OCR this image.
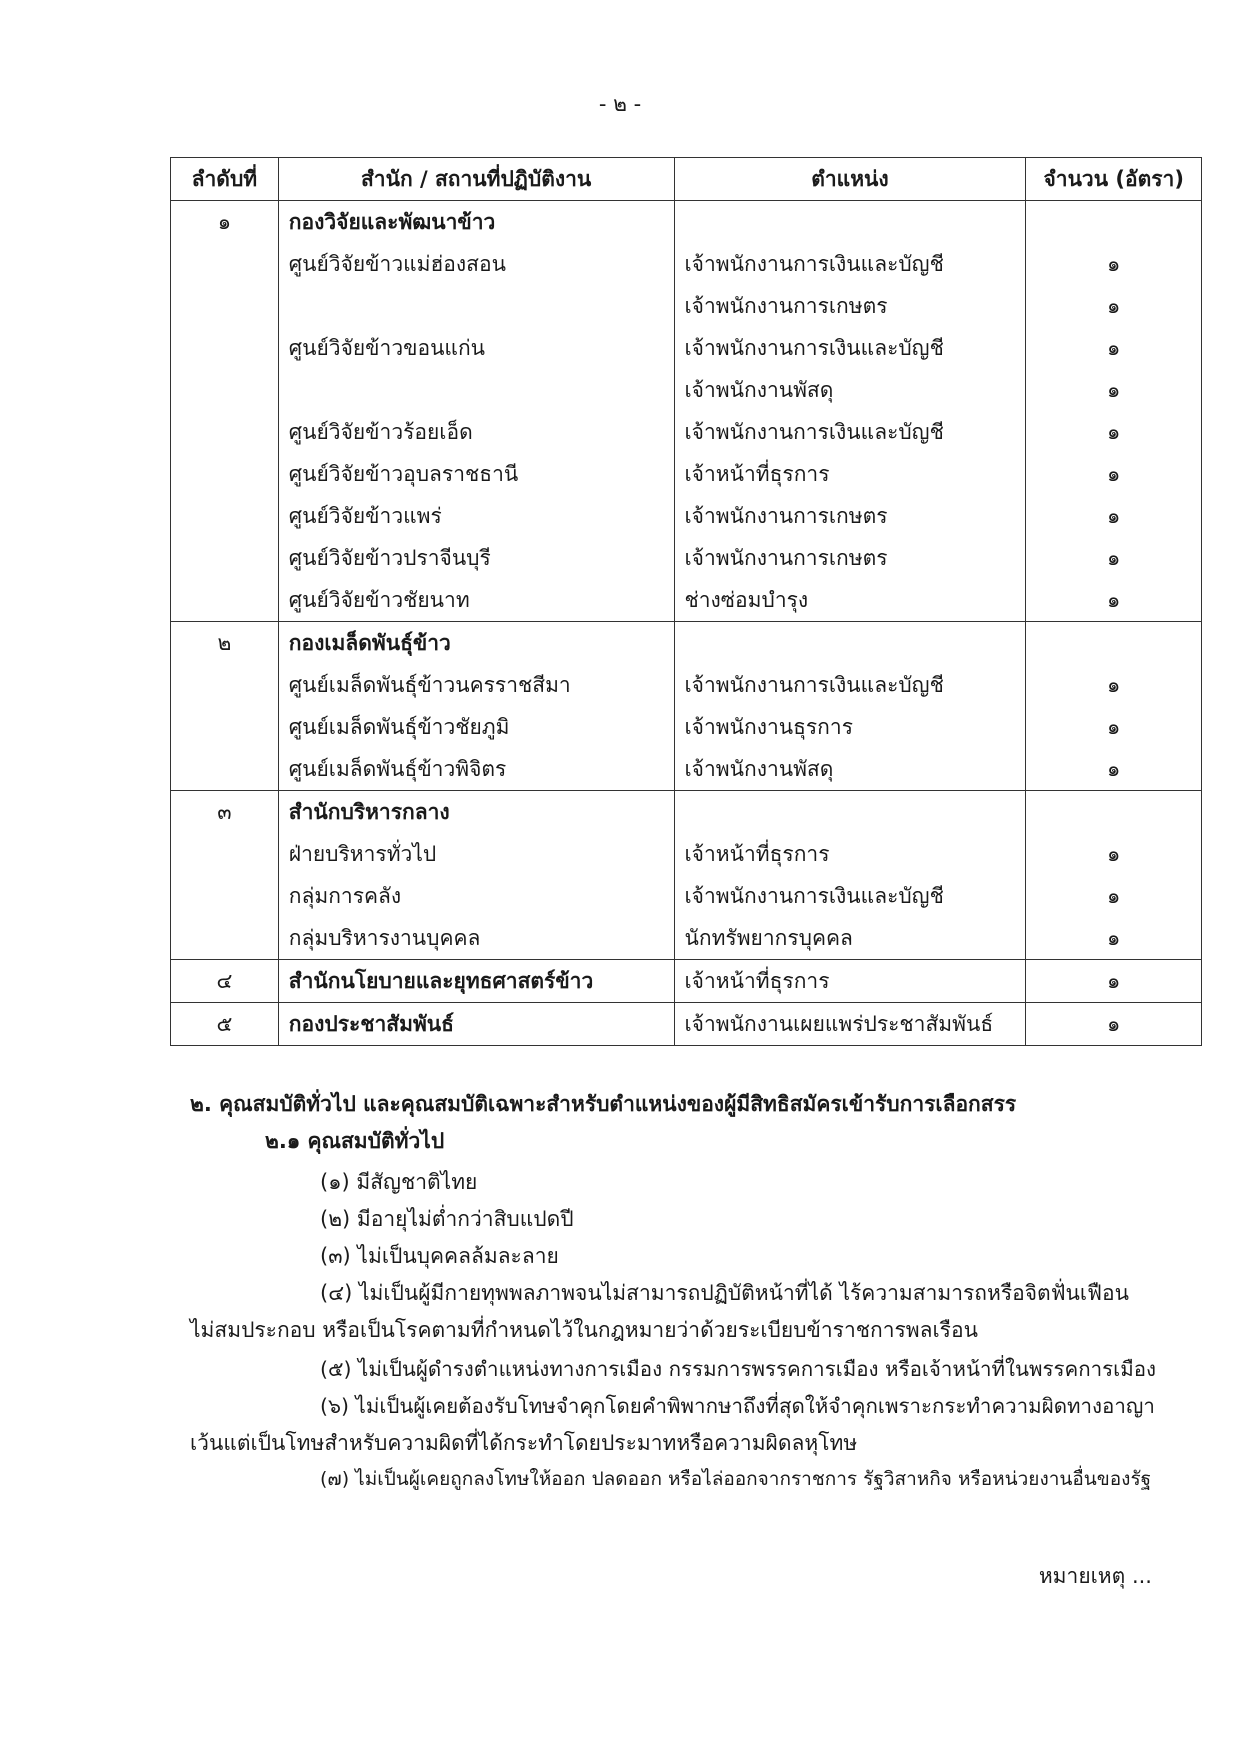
- ๒ -
ลำดับที่	สำนัก / สถานที่ปฏิบัติงาน	ตำแหน่ง	จำนวน (อัตรา)
๑	กองวิจัยและพัฒนาข้าว		
	ศูนย์วิจัยข้าวแม่ฮ่องสอน	เจ้าพนักงานการเงินและบัญชี	๑
		เจ้าพนักงานการเกษตร	๑
	ศูนย์วิจัยข้าวขอนแก่น	เจ้าพนักงานการเงินและบัญชี	๑
		เจ้าพนักงานพัสดุ	๑
	ศูนย์วิจัยข้าวร้อยเอ็ด	เจ้าพนักงานการเงินและบัญชี	๑
	ศูนย์วิจัยข้าวอุบลราชธานี	เจ้าหน้าที่ธุรการ	๑
	ศูนย์วิจัยข้าวแพร่	เจ้าพนักงานการเกษตร	๑
	ศูนย์วิจัยข้าวปราจีนบุรี	เจ้าพนักงานการเกษตร	๑
	ศูนย์วิจัยข้าวชัยนาท	ช่างซ่อมบำรุง	๑
๒	กองเมล็ดพันธุ์ข้าว		
	ศูนย์เมล็ดพันธุ์ข้าวนครราชสีมา	เจ้าพนักงานการเงินและบัญชี	๑
	ศูนย์เมล็ดพันธุ์ข้าวชัยภูมิ	เจ้าพนักงานธุรการ	๑
	ศูนย์เมล็ดพันธุ์ข้าวพิจิตร	เจ้าพนักงานพัสดุ	๑
๓	สำนักบริหารกลาง		
	ฝ่ายบริหารทั่วไป	เจ้าหน้าที่ธุรการ	๑
	กลุ่มการคลัง	เจ้าพนักงานการเงินและบัญชี	๑
	กลุ่มบริหารงานบุคคล	นักทรัพยากรบุคคล	๑
๔	สำนักนโยบายและยุทธศาสตร์ข้าว	เจ้าหน้าที่ธุรการ	๑
๕	กองประชาสัมพันธ์	เจ้าพนักงานเผยแพร่ประชาสัมพันธ์	๑
๒. คุณสมบัติทั่วไป และคุณสมบัติเฉพาะสำหรับตำแหน่งของผู้มีสิทธิสมัครเข้ารับการเลือกสรร
๒.๑ คุณสมบัติทั่วไป
(๑) มีสัญชาติไทย
(๒) มีอายุไม่ต่ำกว่าสิบแปดปี
(๓) ไม่เป็นบุคคลล้มละลาย
(๔) ไม่เป็นผู้มีกายทุพพลภาพจนไม่สามารถปฏิบัติหน้าที่ได้ ไร้ความสามารถหรือจิตฟั่นเฟือน
ไม่สมประกอบ หรือเป็นโรคตามที่กำหนดไว้ในกฎหมายว่าด้วยระเบียบข้าราชการพลเรือน
(๕) ไม่เป็นผู้ดำรงตำแหน่งทางการเมือง กรรมการพรรคการเมือง หรือเจ้าหน้าที่ในพรรคการเมือง
(๖) ไม่เป็นผู้เคยต้องรับโทษจำคุกโดยคำพิพากษาถึงที่สุดให้จำคุกเพราะกระทำความผิดทางอาญา
เว้นแต่เป็นโทษสำหรับความผิดที่ได้กระทำโดยประมาทหรือความผิดลหุโทษ
(๗) ไม่เป็นผู้เคยถูกลงโทษให้ออก ปลดออก หรือไล่ออกจากราชการ รัฐวิสาหกิจ หรือหน่วยงานอื่นของรัฐ
หมายเหตุ ...
